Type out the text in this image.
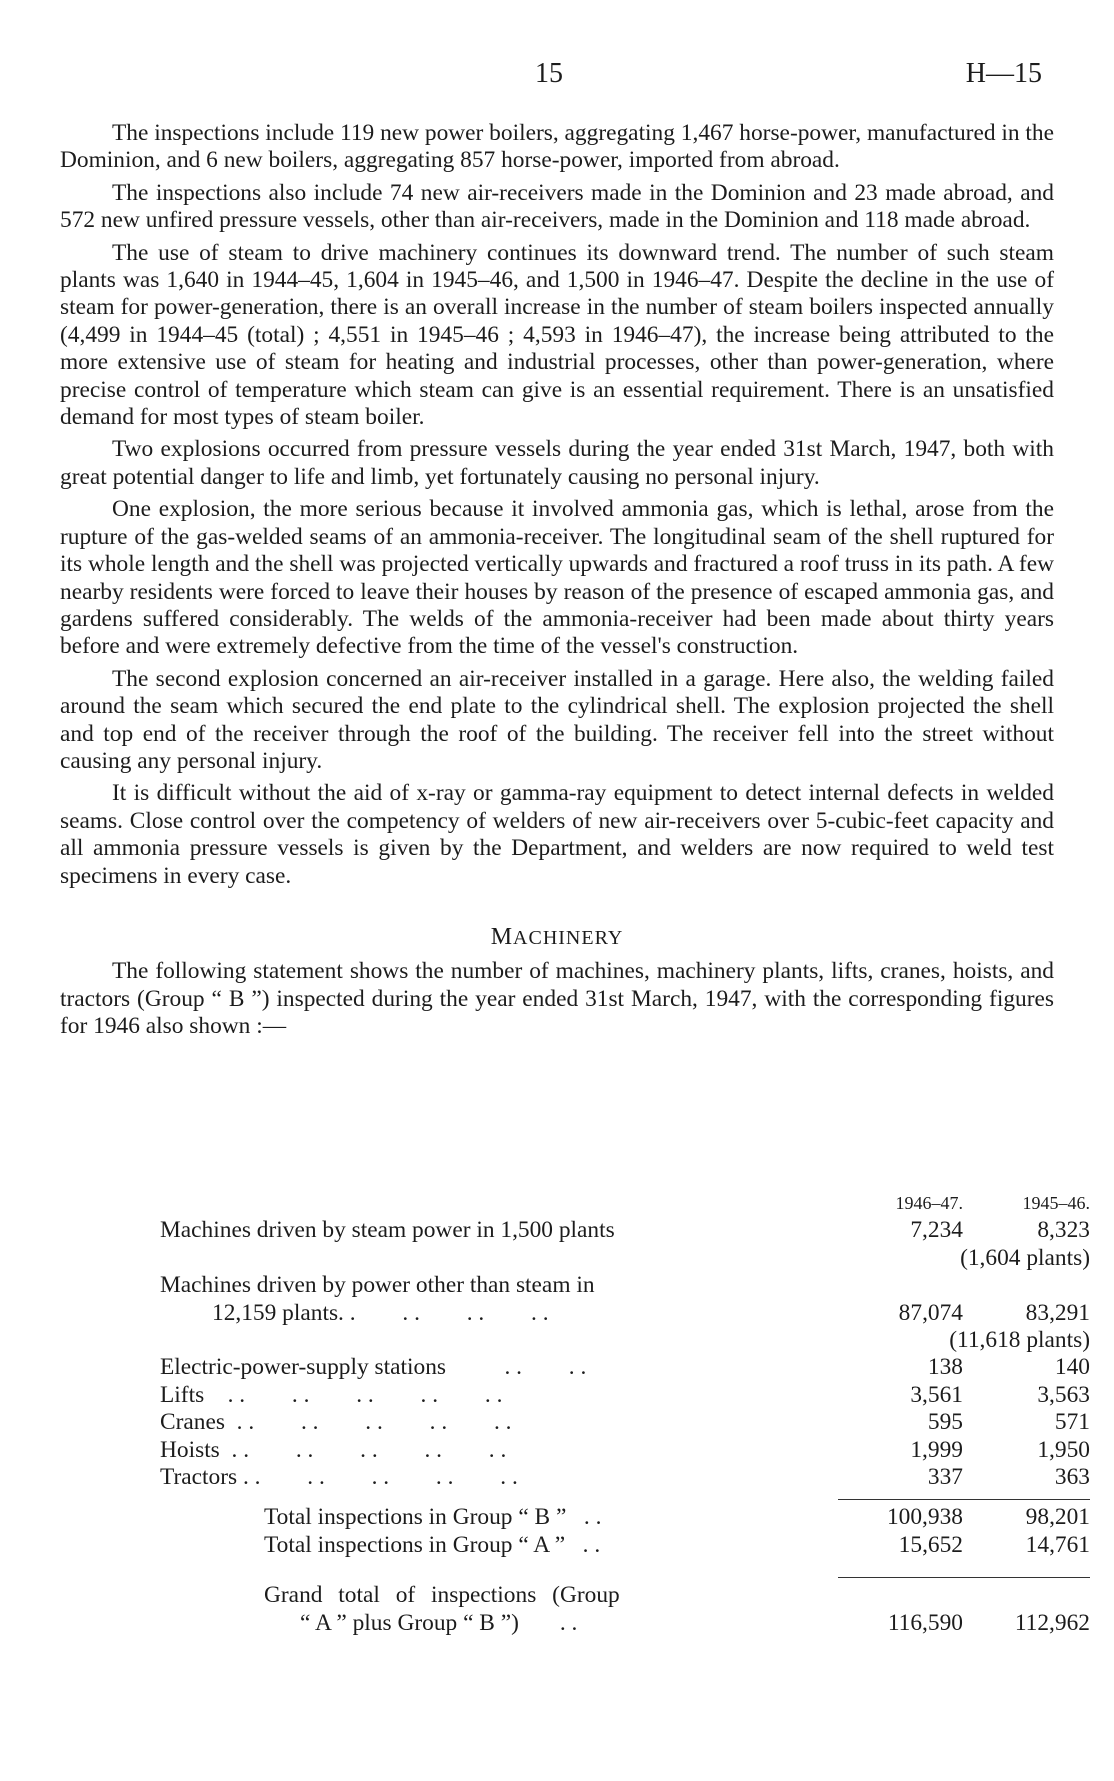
15	H—15

The inspections include 119 new power boilers, aggregating 1,467 horse-power, manufactured in the Dominion, and 6 new boilers, aggregating 857 horse-power, imported from abroad.

The inspections also include 74 new air-receivers made in the Dominion and 23 made abroad, and 572 new unfired pressure vessels, other than air-receivers, made in the Dominion and 118 made abroad.

The use of steam to drive machinery continues its downward trend. The number of such steam plants was 1,640 in 1944–45, 1,604 in 1945–46, and 1,500 in 1946–47. Despite the decline in the use of steam for power-generation, there is an overall increase in the number of steam boilers inspected annually (4,499 in 1944–45 (total) ; 4,551 in 1945–46 ; 4,593 in 1946–47), the increase being attributed to the more extensive use of steam for heating and industrial processes, other than power-generation, where precise control of temperature which steam can give is an essential requirement. There is an unsatisfied demand for most types of steam boiler.

Two explosions occurred from pressure vessels during the year ended 31st March, 1947, both with great potential danger to life and limb, yet fortunately causing no personal injury.

One explosion, the more serious because it involved ammonia gas, which is lethal, arose from the rupture of the gas-welded seams of an ammonia-receiver. The longitudinal seam of the shell ruptured for its whole length and the shell was projected vertically upwards and fractured a roof truss in its path. A few nearby residents were forced to leave their houses by reason of the presence of escaped ammonia gas, and gardens suffered considerably. The welds of the ammonia-receiver had been made about thirty years before and were extremely defective from the time of the vessel's construction.

The second explosion concerned an air-receiver installed in a garage. Here also, the welding failed around the seam which secured the end plate to the cylindrical shell. The explosion projected the shell and top end of the receiver through the roof of the building. The receiver fell into the street without causing any personal injury.

It is difficult without the aid of x-ray or gamma-ray equipment to detect internal defects in welded seams. Close control over the competency of welders of new air-receivers over 5-cubic-feet capacity and all ammonia pressure vessels is given by the Department, and welders are now required to weld test specimens in every case.

MACHINERY

The following statement shows the number of machines, machinery plants, lifts, cranes, hoists, and tractors (Group “ B ”) inspected during the year ended 31st March, 1947, with the corresponding figures for 1946 also shown :—

	1946–47.	1945–46.
Machines driven by steam power in 1,500 plants	7,234	8,323
	(1,604 plants)	
Machines driven by power other than steam in		
12,159 plants. .        . .        . .        . .	87,074	83,291
	(11,618 plants)	
Electric-power-supply stations          . .        . .	138	140
Lifts    . .        . .        . .        . .        . .	3,561	3,563
Cranes  . .        . .        . .        . .        . .	595	571
Hoists  . .        . .        . .        . .        . .	1,999	1,950
Tractors . .        . .        . .        . .        . .	337	363

Total inspections in Group “ B ”   . .	100,938	98,201
Total inspections in Group “ A ”   . .	15,652	14,761

Grand total of inspections (Group		
“ A ” plus Group “ B ”)       . .	116,590	112,962
